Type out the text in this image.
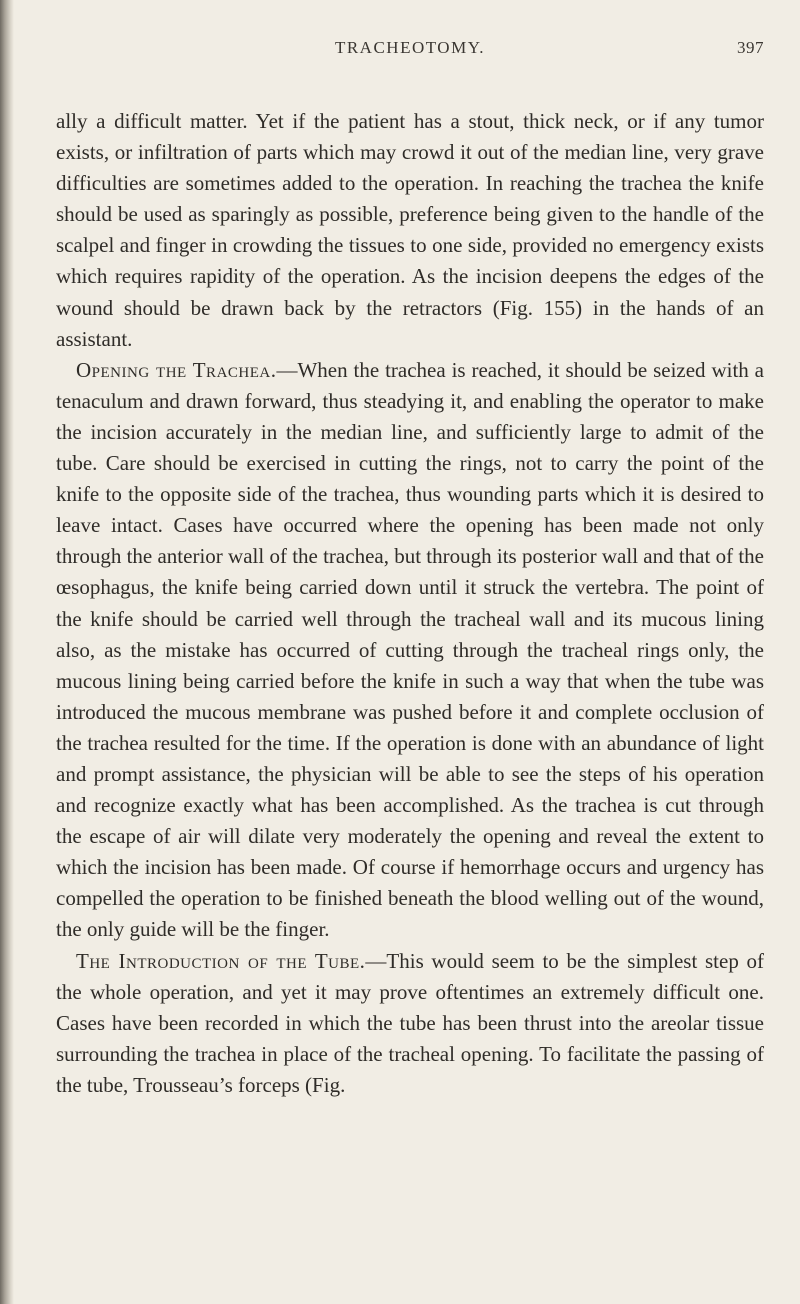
TRACHEOTOMY.	397

ally a difficult matter. Yet if the patient has a stout, thick neck, or if any tumor exists, or infiltration of parts which may crowd it out of the median line, very grave difficulties are sometimes added to the operation. In reaching the trachea the knife should be used as sparingly as possible, preference being given to the handle of the scalpel and finger in crowding the tissues to one side, provided no emergency exists which requires rapidity of the operation. As the incision deepens the edges of the wound should be drawn back by the retractors (Fig. 155) in the hands of an assistant.

Opening the Trachea.—When the trachea is reached, it should be seized with a tenaculum and drawn forward, thus steadying it, and enabling the operator to make the incision accurately in the median line, and sufficiently large to admit of the tube. Care should be exercised in cutting the rings, not to carry the point of the knife to the opposite side of the trachea, thus wounding parts which it is desired to leave intact. Cases have occurred where the opening has been made not only through the anterior wall of the trachea, but through its posterior wall and that of the œsophagus, the knife being carried down until it struck the vertebra. The point of the knife should be carried well through the tracheal wall and its mucous lining also, as the mistake has occurred of cutting through the tracheal rings only, the mucous lining being carried before the knife in such a way that when the tube was introduced the mucous membrane was pushed before it and complete occlusion of the trachea resulted for the time. If the operation is done with an abundance of light and prompt assistance, the physician will be able to see the steps of his operation and recognize exactly what has been accomplished. As the trachea is cut through the escape of air will dilate very moderately the opening and reveal the extent to which the incision has been made. Of course if hemorrhage occurs and urgency has compelled the operation to be finished beneath the blood welling out of the wound, the only guide will be the finger.

The Introduction of the Tube.—This would seem to be the simplest step of the whole operation, and yet it may prove oftentimes an extremely difficult one. Cases have been recorded in which the tube has been thrust into the areolar tissue surrounding the trachea in place of the tracheal opening. To facilitate the passing of the tube, Trousseau’s forceps (Fig.
